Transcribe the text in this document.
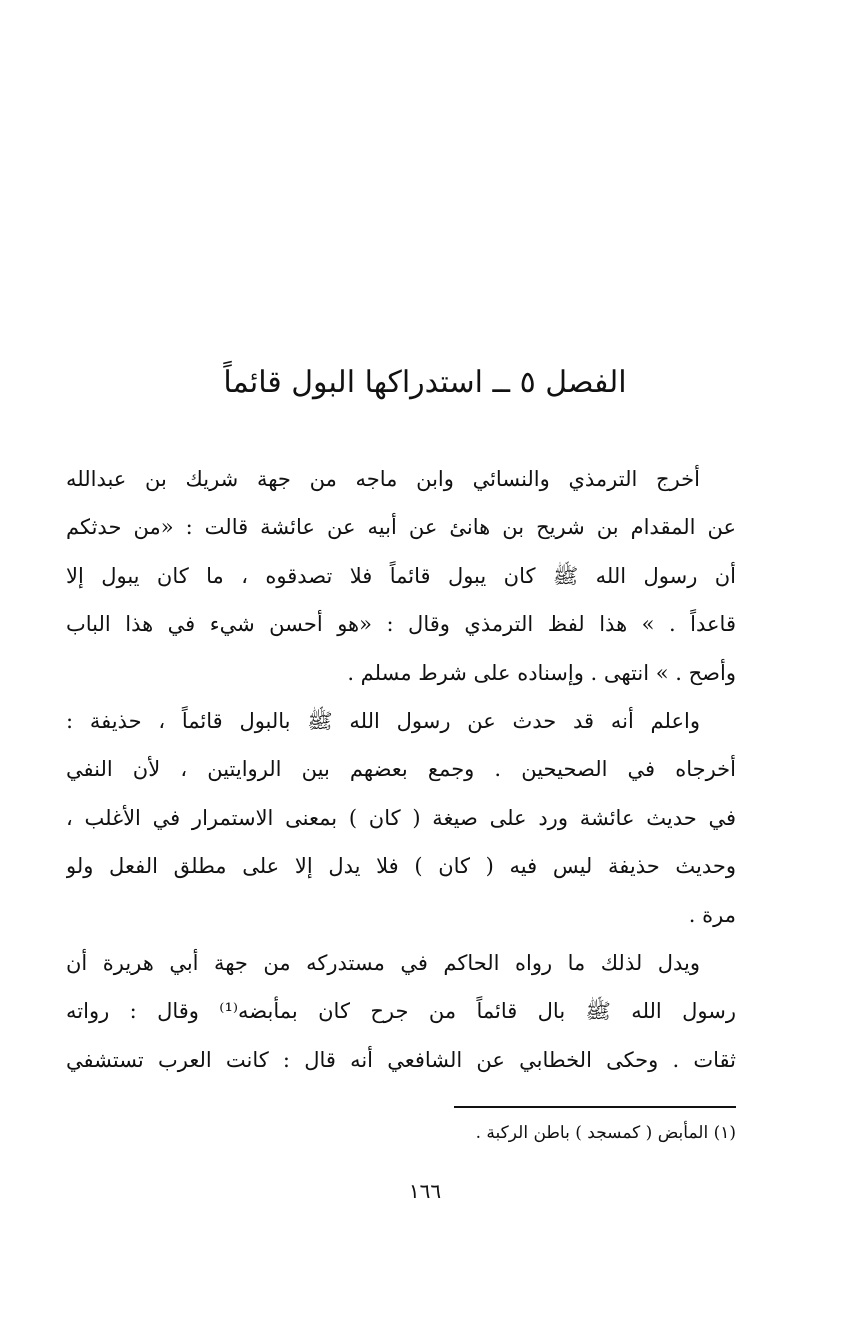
الفصل ٥ ــ استدراكها البول قائماً
أخرج الترمذي والنسائي وابن ماجه من جهة شريك بن عبدالله
عن المقدام بن شريح بن هانئ عن أبيه عن عائشة قالت : «من حدثكم
أن رسول الله ﷺ كان يبول قائماً فلا تصدقوه ، ما كان يبول إلا
قاعداً . » هذا لفظ الترمذي وقال : «هو أحسن شيء في هذا الباب
وأصح . » انتهى . وإسناده على شرط مسلم .
واعلم أنه قد حدث عن رسول الله ﷺ بالبول قائماً ، حذيفة :
أخرجاه في الصحيحين . وجمع بعضهم بين الروايتين ، لأن النفي
في حديث عائشة ورد على صيغة ( كان ) بمعنى الاستمرار في الأغلب ،
وحديث حذيفة ليس فيه ( كان ) فلا يدل إلا على مطلق الفعل ولو
مرة .
ويدل لذلك ما رواه الحاكم في مستدركه من جهة أبي هريرة أن
رسول الله ﷺ بال قائماً من جرح كان بمأبضه⁽¹⁾ وقال : رواته
ثقات . وحكى الخطابي عن الشافعي أنه قال : كانت العرب تستشفي
(١) المأبض ( كمسجد ) باطن الركبة .
١٦٦
